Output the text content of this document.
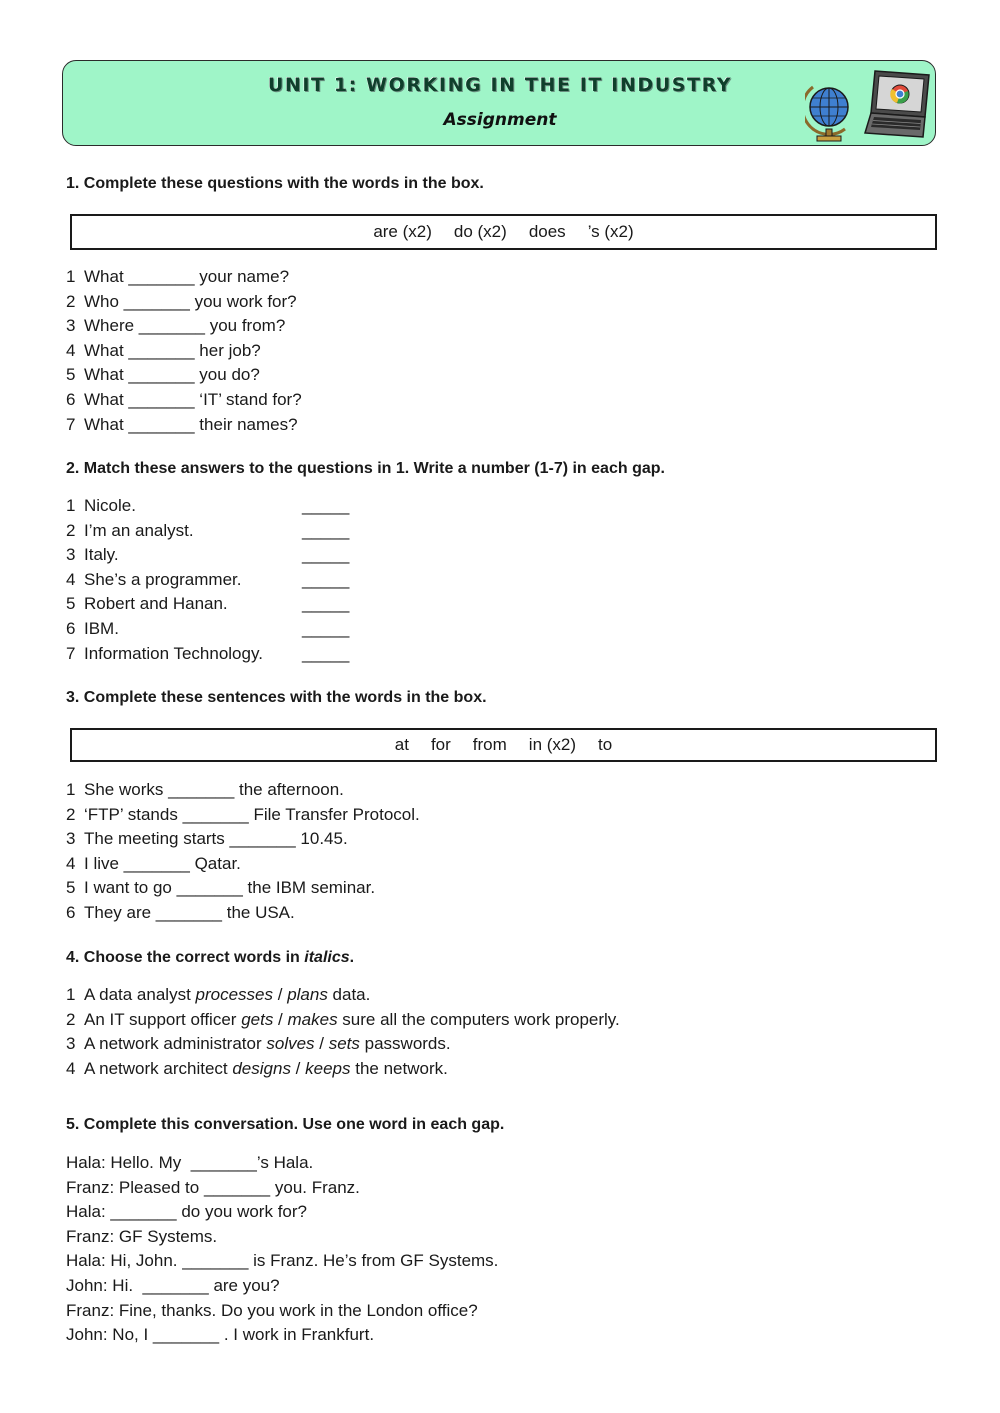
UNIT 1: WORKING IN THE IT INDUSTRY
Assignment
1. Complete these questions with the words in the box.
are (x2) do (x2) does ’s (x2)
1 What _______ your name?
2 Who _______ you work for?
3 Where _______ you from?
4 What _______ her job?
5 What _______ you do?
6 What _______ ‘IT’ stand for?
7 What _______ their names?
2. Match these answers to the questions in 1. Write a number (1-7) in each gap.
1 Nicole.	_____
2 I’m an analyst.	_____
3 Italy.	_____
4 She’s a programmer.	_____
5 Robert and Hanan.	_____
6 IBM.	_____
7 Information Technology. _____
3. Complete these sentences with the words in the box.
at for from in (x2) to
1 She works _______ the afternoon.
2 ‘FTP’ stands _______ File Transfer Protocol.
3 The meeting starts _______ 10.45.
4 I live _______ Qatar.
5 I want to go _______ the IBM seminar.
6 They are _______ the USA.
4. Choose the correct words in italics.
1 A data analyst processes / plans data.
2 An IT support officer gets / makes sure all the computers work properly.
3 A network administrator solves / sets passwords.
4 A network architect designs / keeps the network.
5. Complete this conversation. Use one word in each gap.
Hala: Hello. My  _______’s Hala.
Franz: Pleased to _______ you. Franz.
Hala: _______ do you work for?
Franz: GF Systems.
Hala: Hi, John. _______ is Franz. He’s from GF Systems.
John: Hi.  _______ are you?
Franz: Fine, thanks. Do you work in the London office?
John: No, I _______ . I work in Frankfurt.
